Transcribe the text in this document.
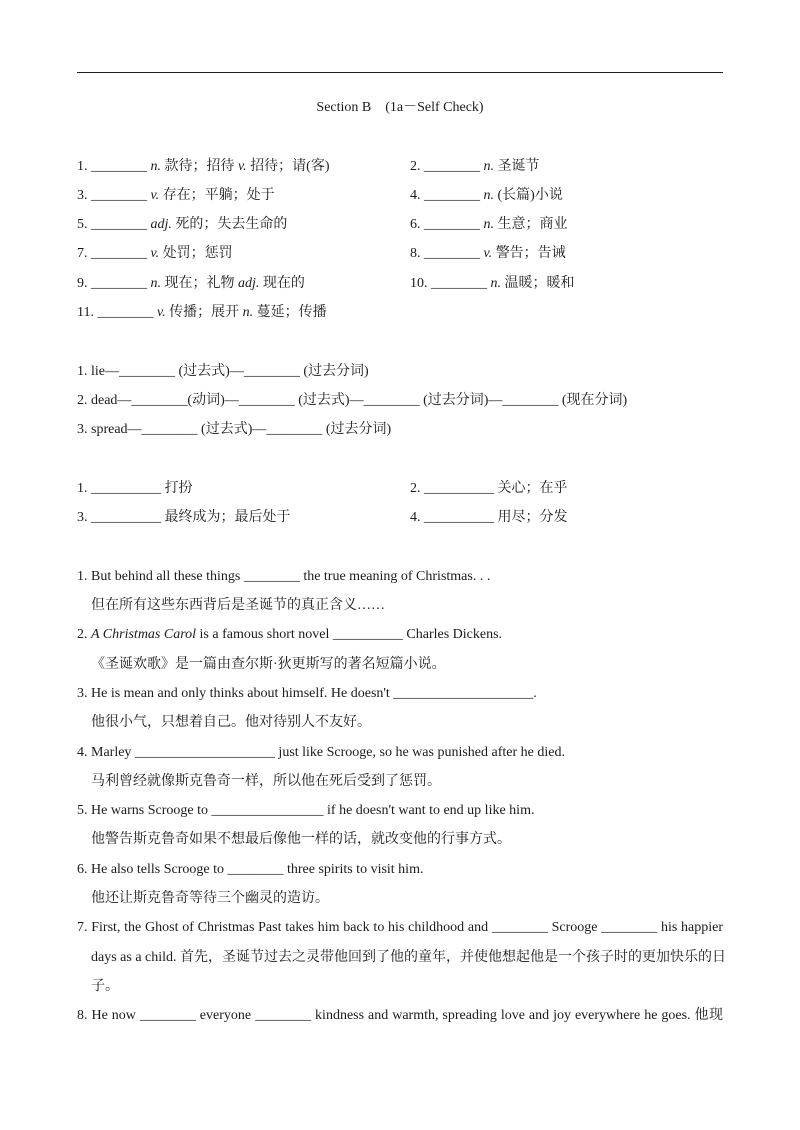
Section B　(1a－Self Check)
1. ________ n. 款待；招待 v. 招待；请(客)	2. ________ n. 圣诞节
3. ________ v. 存在；平躺；处于	4. ________ n. (长篇)小说
5. ________ adj. 死的；失去生命的	6. ________ n. 生意；商业
7. ________ v. 处罚；惩罚	8. ________ v. 警告；告诫
9. ________ n. 现在；礼物 adj. 现在的	10. ________ n. 温暖；暖和
11. ________ v. 传播；展开 n. 蔓延；传播
1. lie—________ (过去式)—________ (过去分词)
2. dead—________(动词)—________ (过去式)—________ (过去分词)—________ (现在分词)
3. spread—________ (过去式)—________ (过去分词)
1. __________ 打扮	2. __________ 关心；在乎
3. __________ 最终成为；最后处于	4. __________ 用尽；分发
1. But behind all these things ________ the true meaning of Christmas. . .
但在所有这些东西背后是圣诞节的真正含义……
2. A Christmas Carol is a famous short novel __________ Charles Dickens.
《圣诞欢歌》是一篇由查尔斯·狄更斯写的著名短篇小说。
3. He is mean and only thinks about himself. He doesn't ____________________.
他很小气，只想着自己。他对待别人不友好。
4. Marley ____________________ just like Scrooge, so he was punished after he died.
马利曾经就像斯克鲁奇一样，所以他在死后受到了惩罚。
5. He warns Scrooge to ________________ if he doesn't want to end up like him.
他警告斯克鲁奇如果不想最后像他一样的话，就改变他的行事方式。
6. He also tells Scrooge to ________ three spirits to visit him.
他还让斯克鲁奇等待三个幽灵的造访。
7. First, the Ghost of Christmas Past takes him back to his childhood and ________ Scrooge ________ his happier
days as a child. 首先，圣诞节过去之灵带他回到了他的童年，并使他想起他是一个孩子时的更加快乐的日
子。
8. He now ________ everyone ________ kindness and warmth, spreading love and joy everywhere he goes. 他现
